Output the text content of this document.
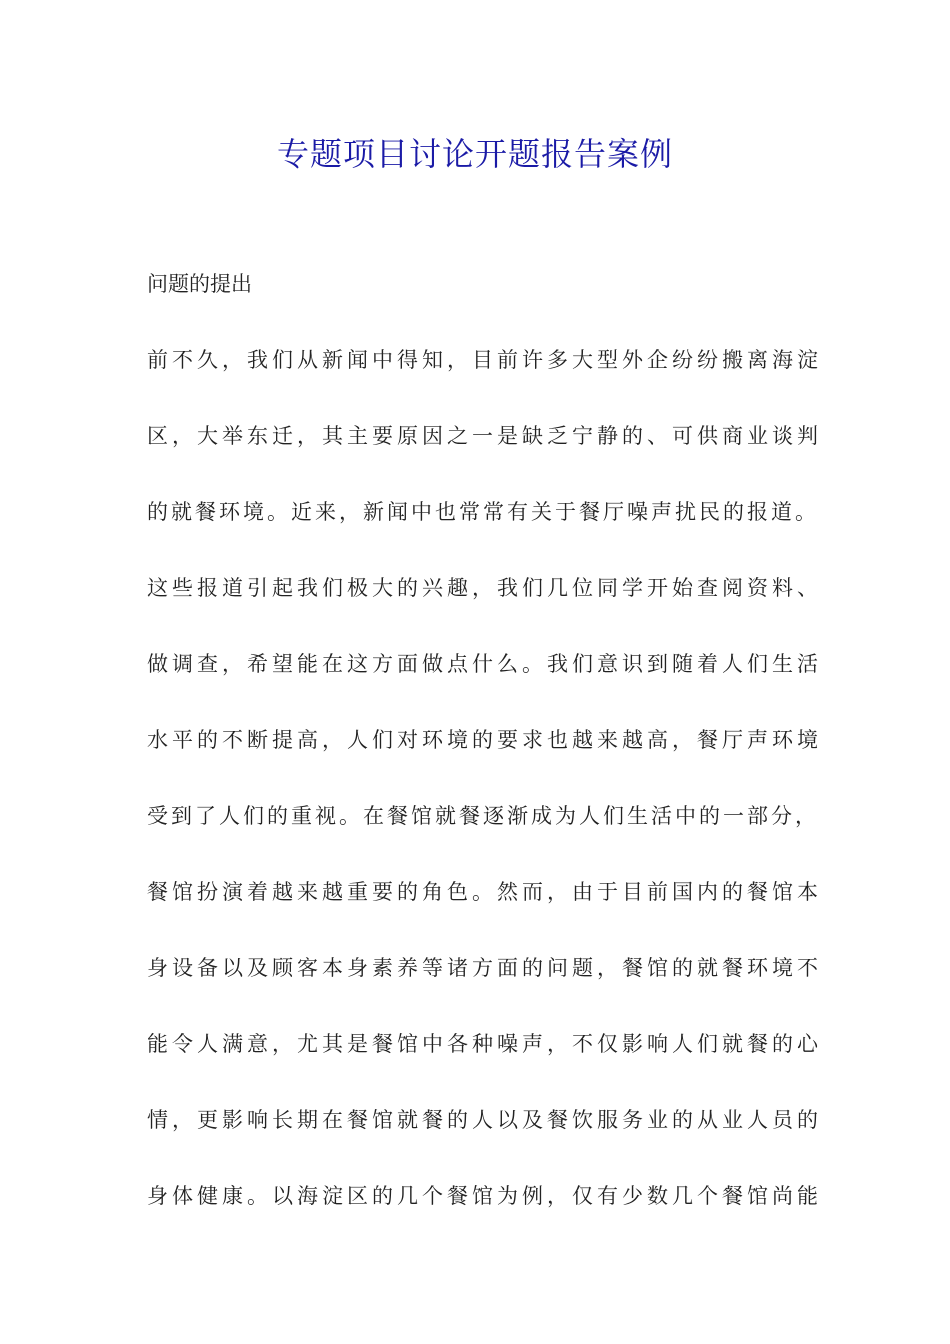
专题项目讨论开题报告案例

问题的提出

前不久，我们从新闻中得知，目前许多大型外企纷纷搬离海淀
区，大举东迁，其主要原因之一是缺乏宁静的、可供商业谈判
的就餐环境。近来，新闻中也常常有关于餐厅噪声扰民的报道。
这些报道引起我们极大的兴趣，我们几位同学开始查阅资料、
做调查，希望能在这方面做点什么。我们意识到随着人们生活
水平的不断提高，人们对环境的要求也越来越高，餐厅声环境
受到了人们的重视。在餐馆就餐逐渐成为人们生活中的一部分，
餐馆扮演着越来越重要的角色。然而，由于目前国内的餐馆本
身设备以及顾客本身素养等诸方面的问题，餐馆的就餐环境不
能令人满意，尤其是餐馆中各种噪声，不仅影响人们就餐的心
情，更影响长期在餐馆就餐的人以及餐饮服务业的从业人员的
身体健康。以海淀区的几个餐馆为例，仅有少数几个餐馆尚能
